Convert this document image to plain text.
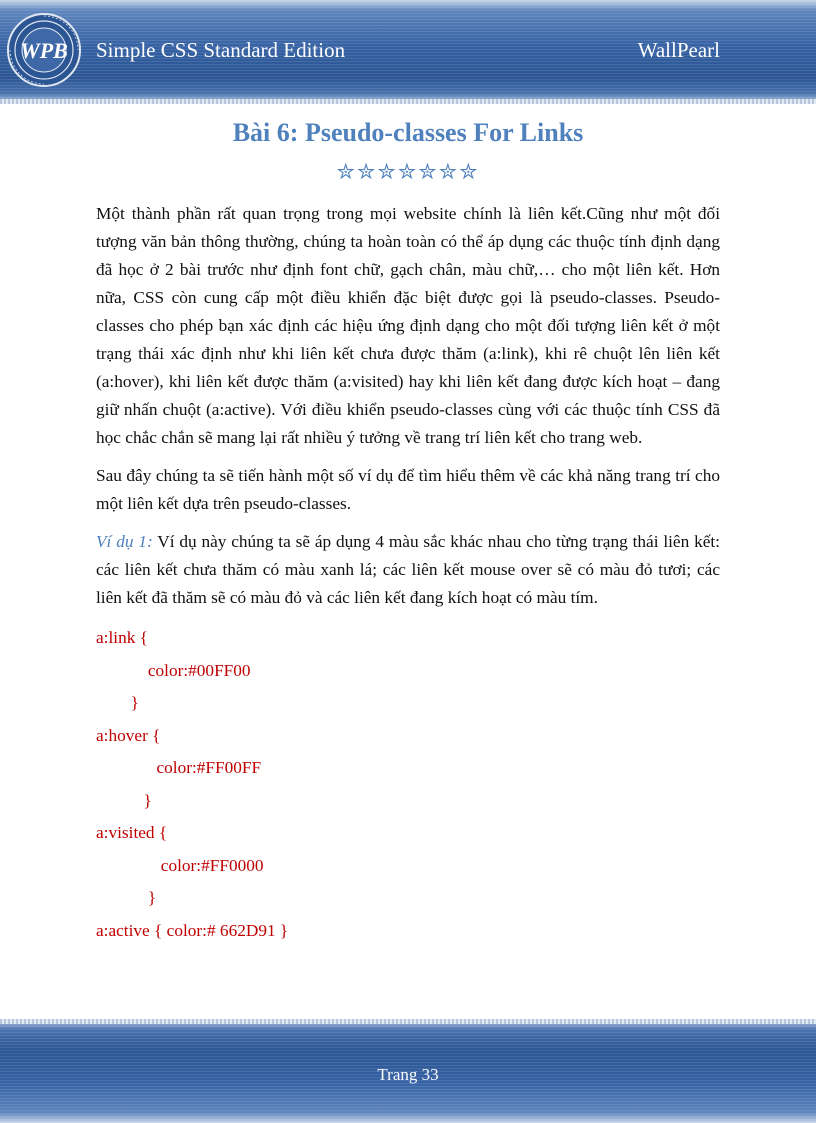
WPB Simple CSS Standard Edition	WallPearl
Bài 6: Pseudo-classes For Links
✮✮✮✮✮✮✮

Một thành phần rất quan trọng trong mọi website chính là liên kết.Cũng như một đối tượng văn bản thông thường, chúng ta hoàn toàn có thể áp dụng các thuộc tính định dạng đã học ở 2 bài trước như định font chữ, gạch chân, màu chữ,… cho một liên kết. Hơn nữa, CSS còn cung cấp một điều khiển đặc biệt được gọi là pseudo-classes. Pseudo-classes cho phép bạn xác định các hiệu ứng định dạng cho một đối tượng liên kết ở một trạng thái xác định như khi liên kết chưa được thăm (a:link), khi rê chuột lên liên kết (a:hover), khi liên kết được thăm (a:visited) hay khi liên kết đang được kích hoạt – đang giữ nhấn chuột (a:active). Với điều khiển pseudo-classes cùng với các thuộc tính CSS đã học chắc chắn sẽ mang lại rất nhiều ý tưởng về trang trí liên kết cho trang web.

Sau đây chúng ta sẽ tiến hành một số ví dụ để tìm hiểu thêm về các khả năng trang trí cho một liên kết dựa trên pseudo-classes.

Ví dụ 1: Ví dụ này chúng ta sẽ áp dụng 4 màu sắc khác nhau cho từng trạng thái liên kết: các liên kết chưa thăm có màu xanh lá; các liên kết mouse over sẽ có màu đỏ tươi; các liên kết đã thăm sẽ có màu đỏ và các liên kết đang kích hoạt có màu tím.

a:link {
color:#00FF00
}
a:hover {
color:#FF00FF
}
a:visited {
color:#FF0000
}
a:active { color:# 662D91 }
Trang 33
